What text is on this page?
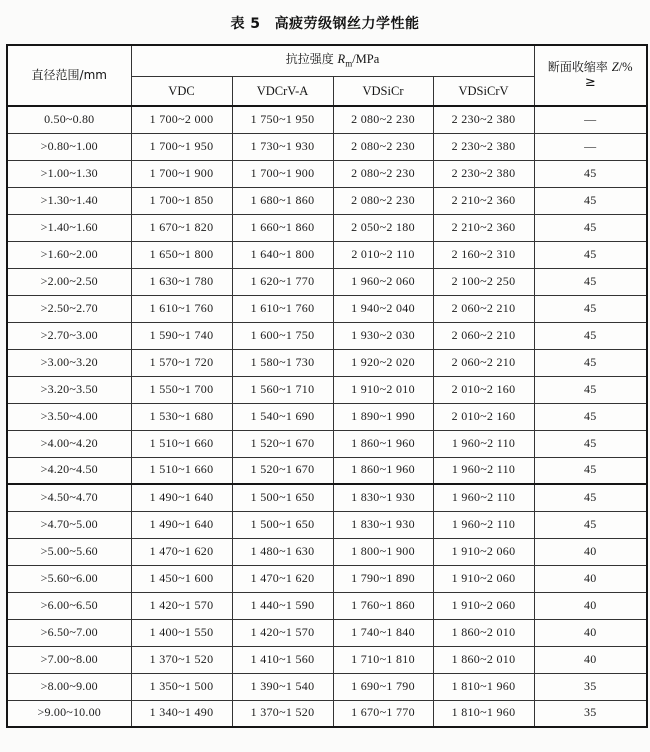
表 5 高疲劳级钢丝力学性能
直径范围/mm	抗拉强度 $R_m$/MPa				断面收缩率 Z/%
≥

	VDC	VDCrV-A	VDSiCr	VDSiCrV	
0.50~0.80	1 700~2 000	1 750~1 950	2 080~2 230	2 230~2 380	—
>0.80~1.00	1 700~1 950	1 730~1 930	2 080~2 230	2 230~2 380	—
>1.00~1.30	1 700~1 900	1 700~1 900	2 080~2 230	2 230~2 380	45
>1.30~1.40	1 700~1 850	1 680~1 860	2 080~2 230	2 210~2 360	45
>1.40~1.60	1 670~1 820	1 660~1 860	2 050~2 180	2 210~2 360	45
>1.60~2.00	1 650~1 800	1 640~1 800	2 010~2 110	2 160~2 310	45
>2.00~2.50	1 630~1 780	1 620~1 770	1 960~2 060	2 100~2 250	45
>2.50~2.70	1 610~1 760	1 610~1 760	1 940~2 040	2 060~2 210	45
>2.70~3.00	1 590~1 740	1 600~1 750	1 930~2 030	2 060~2 210	45
>3.00~3.20	1 570~1 720	1 580~1 730	1 920~2 020	2 060~2 210	45
>3.20~3.50	1 550~1 700	1 560~1 710	1 910~2 010	2 010~2 160	45
>3.50~4.00	1 530~1 680	1 540~1 690	1 890~1 990	2 010~2 160	45
>4.00~4.20	1 510~1 660	1 520~1 670	1 860~1 960	1 960~2 110	45
>4.20~4.50	1 510~1 660	1 520~1 670	1 860~1 960	1 960~2 110	45
>4.50~4.70	1 490~1 640	1 500~1 650	1 830~1 930	1 960~2 110	45
>4.70~5.00	1 490~1 640	1 500~1 650	1 830~1 930	1 960~2 110	45
>5.00~5.60	1 470~1 620	1 480~1 630	1 800~1 900	1 910~2 060	40
>5.60~6.00	1 450~1 600	1 470~1 620	1 790~1 890	1 910~2 060	40
>6.00~6.50	1 420~1 570	1 440~1 590	1 760~1 860	1 910~2 060	40
>6.50~7.00	1 400~1 550	1 420~1 570	1 740~1 840	1 860~2 010	40
>7.00~8.00	1 370~1 520	1 410~1 560	1 710~1 810	1 860~2 010	40
>8.00~9.00	1 350~1 500	1 390~1 540	1 690~1 790	1 810~1 960	35
>9.00~10.00	1 340~1 490	1 370~1 520	1 670~1 770	1 810~1 960	35
